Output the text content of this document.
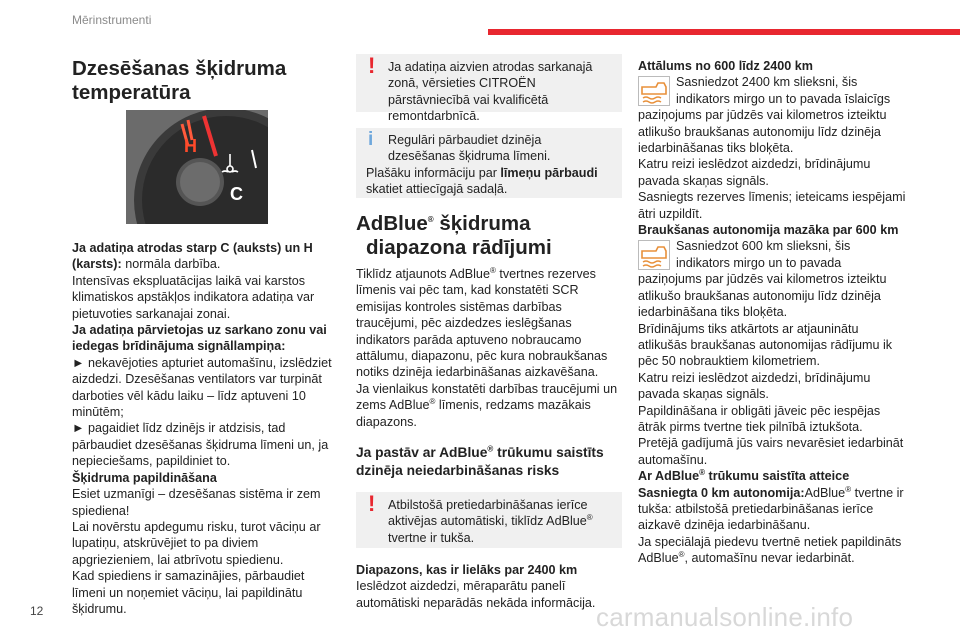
Mērinstrumenti
Dzesēšanas šķidruma
temperatūra
H
C

Ja adatiņa atrodas starp C (auksts) un H (karsts): normāla darbība.

Intensīvas ekspluatācijas laikā vai karstos klimatiskos apstākļos indikatora adatiņa var pietuvoties sarkanajai zonai.

Ja adatiņa pārvietojas uz sarkano zonu vai iedegas brīdinājuma signāllampiņa:

► nekavējoties apturiet automašīnu, izslēdziet aizdedzi. Dzesēšanas ventilators var turpināt darboties vēl kādu laiku – līdz aptuveni 10 minūtēm;

► pagaidiet līdz dzinējs ir atdzisis, tad pārbaudiet dzesēšanas šķidruma līmeni un, ja nepieciešams, papildiniet to.

Šķidruma papildināšana

Esiet uzmanīgi – dzesēšanas sistēma ir zem spiediena!

Lai novērstu apdegumu risku, turot vāciņu ar lupatiņu, atskrūvējiet to pa diviem apgriezieniem, lai atbrīvotu spiedienu.

Kad spiediens ir samazinājies, pārbaudiet līmeni un noņemiet vāciņu, lai papildinātu šķidrumu.

!	Ja adatiņa aizvien atrodas sarkanajā zonā, vērsieties CITROËN pārstāvniecībā vai kvalificētā remontdarbnīcā.

i	Regulāri pārbaudiet dzinēja dzesēšanas šķidruma līmeni.

Plašāku informāciju par līmeņu pārbaudi skatiet attiecīgajā sadaļā.

AdBlue® šķidruma
diapazona rādījumi

Tiklīdz atjaunots AdBlue® tvertnes rezerves līmenis vai pēc tam, kad konstatēti SCR emisijas kontroles sistēmas darbības traucējumi, pēc aizdedzes ieslēgšanas indikators parāda aptuveno nobraucamo attālumu, diapazonu, pēc kura nobraukšanas notiks dzinēja iedarbināšanas aizkavēšana.

Ja vienlaikus konstatēti darbības traucējumi un zems AdBlue® līmenis, redzams mazākais diapazons.

Ja pastāv ar AdBlue® trūkumu saistīts dzinēja neiedarbināšanas risks
!	Atbilstošā pretiedarbināšanas ierīce aktivējas automātiski, tiklīdz AdBlue® tvertne ir tukša.

Diapazons, kas ir lielāks par 2400 km

Ieslēdzot aizdedzi, mēraparātu panelī automātiski neparādās nekāda informācija.

Attālums no 600 līdz 2400 km

Sasniedzot 2400 km slieksni, šis indikators mirgo un to pavada īslaicīgs paziņojums par jūdzēs vai kilometros izteiktu atlikušo braukšanas autonomiju līdz dzinēja iedarbināšanas tiks bloķēta.

Katru reizi ieslēdzot aizdedzi, brīdinājumu pavada skaņas signāls.

Sasniegts rezerves līmenis; ieteicams iespējami ātri uzpildīt.

Braukšanas autonomija mazāka par 600 km

Sasniedzot 600 km slieksni, šis indikators mirgo un to pavada paziņojums par jūdzēs vai kilometros izteiktu atlikušo braukšanas autonomiju līdz dzinēja iedarbināšana tiks bloķēta.

Brīdinājums tiks atkārtots ar atjauninātu atlikušās braukšanas autonomijas rādījumu ik pēc 50 nobrauktiem kilometriem.

Katru reizi ieslēdzot aizdedzi, brīdinājumu pavada skaņas signāls.

Papildināšana ir obligāti jāveic pēc iespējas ātrāk pirms tvertne tiek pilnībā iztukšota.

Pretējā gadījumā jūs vairs nevarēsiet iedarbināt automašīnu.

Ar AdBlue® trūkumu saistīta atteice

Sasniegta 0 km autonomija:AdBlue® tvertne ir tukša: atbilstošā pretiedarbināšanas ierīce aizkavē dzinēja iedarbināšanu.

Ja speciālajā piedevu tvertnē netiek papildināts AdBlue®, automašīnu nevar iedarbināt.

12	carmanualsonline.info
